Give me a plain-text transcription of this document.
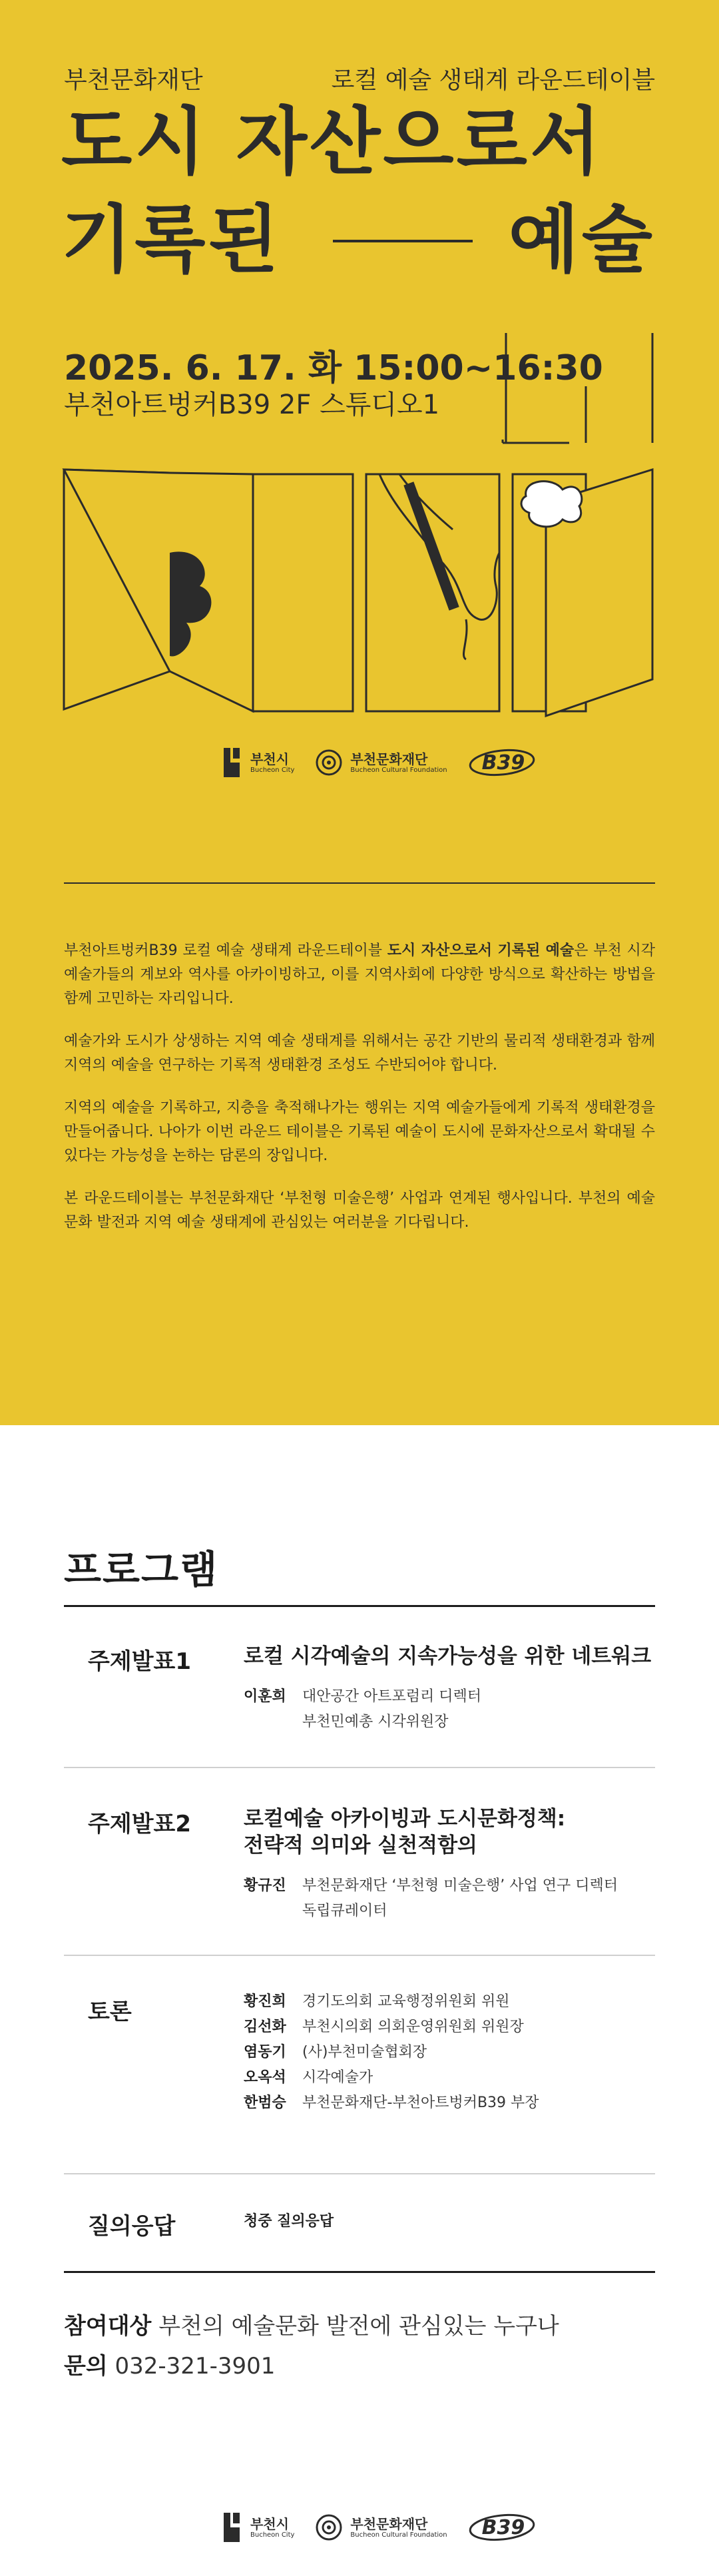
부천문화재단	로컬 예술 생태계 라운드테이블
도시 자산으로서
기록된	예술
2025. 6. 17. 화 15:00~16:30
부천아트벙커B39 2F 스튜디오1
부천시
Bucheon City
부천문화재단
Bucheon Cultural Foundation B39

부천아트벙커B39 로컬 예술 생태계 라운드테이블 도시 자산으로서 기록된 예술은 부천 시각예술가들의 계보와 역사를 아카이빙하고, 이를 지역사회에 다양한 방식으로 확산하는 방법을 함께 고민하는 자리입니다.

예술가와 도시가 상생하는 지역 예술 생태계를 위해서는 공간 기반의 물리적 생태환경과 함께 지역의 예술을 연구하는 기록적 생태환경 조성도 수반되어야 합니다.

지역의 예술을 기록하고, 지층을 축적해나가는 행위는 지역 예술가들에게 기록적 생태환경을 만들어줍니다. 나아가 이번 라운드 테이블은 기록된 예술이 도시에 문화자산으로서 확대될 수 있다는 가능성을 논하는 담론의 장입니다.

본 라운드테이블는 부천문화재단 ‘부천형 미술은행’ 사업과 연계된 행사입니다. 부천의 예술문화 발전과 지역 예술 생태계에 관심있는 여러분을 기다립니다.

프로그램
주제발표1	로컬 시각예술의 지속가능성을 위한 네트워크
이훈희	대안공간 아트포럼리 디렉터
부천민예총 시각위원장
주제발표2	로컬예술 아카이빙과 도시문화정책:
전략적 의미와 실천적함의
황규진	부천문화재단 ‘부천형 미술은행’ 사업 연구 디렉터
독립큐레이터
토론	황진희	경기도의회 교육행정위원회 위원
김선화	부천시의회 의회운영위원회 위원장
염동기	(사)부천미술협회장
오옥석	시각예술가
한범승	부천문화재단-부천아트벙커B39 부장
질의응답	청중 질의응답
참여대상 부천의 예술문화 발전에 관심있는 누구나
문의 032-321-3901
부천시
Bucheon City
부천문화재단
Bucheon Cultural Foundation B39
